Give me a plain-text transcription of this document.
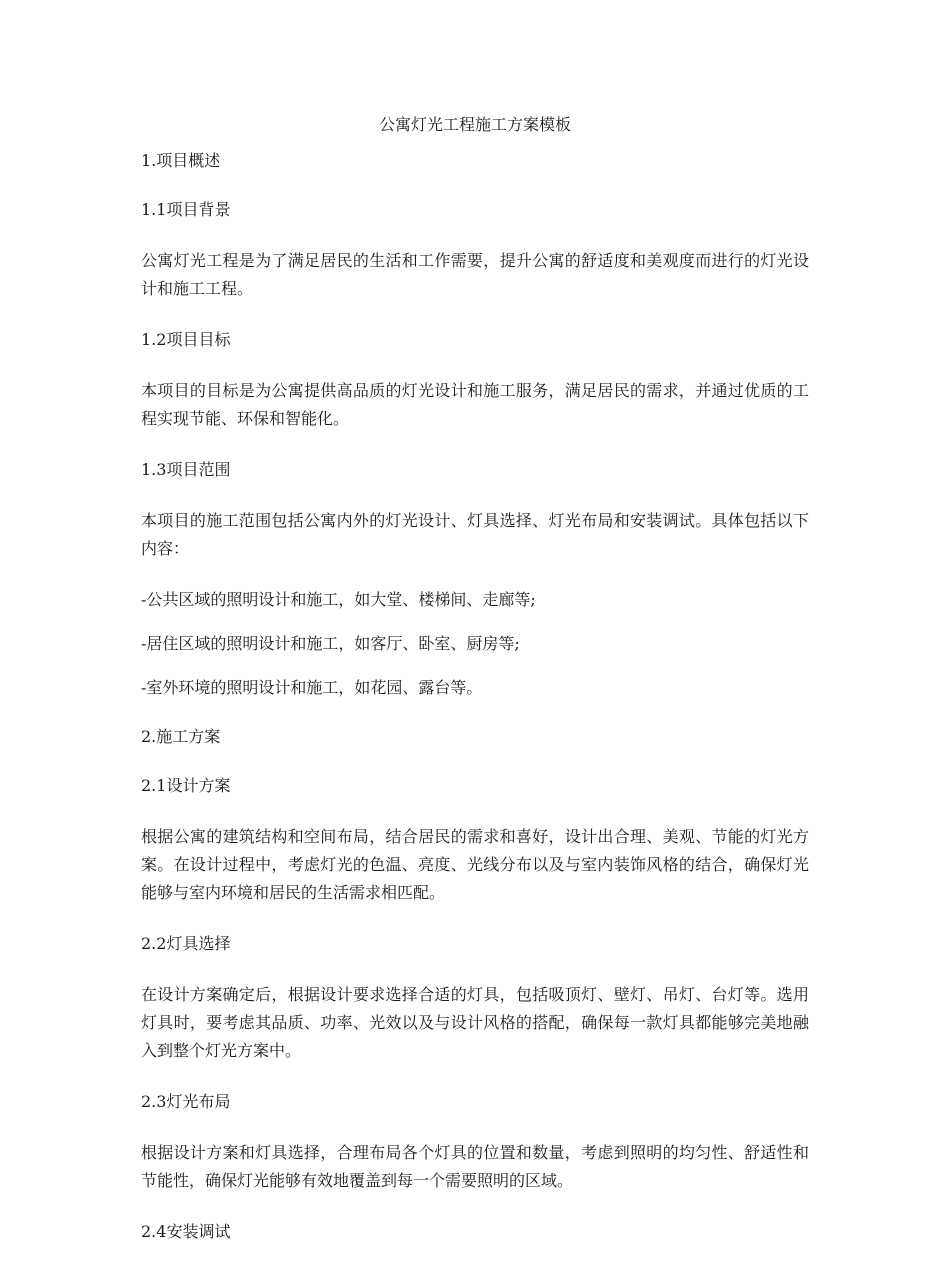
公寓灯光工程施工方案模板

1.项目概述

1.1项目背景

公寓灯光工程是为了满足居民的生活和工作需要，提升公寓的舒适度和美观度而进行的灯光设计和施工工程。

1.2项目目标

本项目的目标是为公寓提供高品质的灯光设计和施工服务，满足居民的需求，并通过优质的工程实现节能、环保和智能化。

1.3项目范围

本项目的施工范围包括公寓内外的灯光设计、灯具选择、灯光布局和安装调试。具体包括以下内容：

-公共区域的照明设计和施工，如大堂、楼梯间、走廊等;

-居住区域的照明设计和施工，如客厅、卧室、厨房等;

-室外环境的照明设计和施工，如花园、露台等。

2.施工方案

2.1设计方案

根据公寓的建筑结构和空间布局，结合居民的需求和喜好，设计出合理、美观、节能的灯光方案。在设计过程中，考虑灯光的色温、亮度、光线分布以及与室内装饰风格的结合，确保灯光能够与室内环境和居民的生活需求相匹配。

2.2灯具选择

在设计方案确定后，根据设计要求选择合适的灯具，包括吸顶灯、壁灯、吊灯、台灯等。选用灯具时，要考虑其品质、功率、光效以及与设计风格的搭配，确保每一款灯具都能够完美地融入到整个灯光方案中。

2.3灯光布局

根据设计方案和灯具选择，合理布局各个灯具的位置和数量，考虑到照明的均匀性、舒适性和节能性，确保灯光能够有效地覆盖到每一个需要照明的区域。

2.4安装调试
